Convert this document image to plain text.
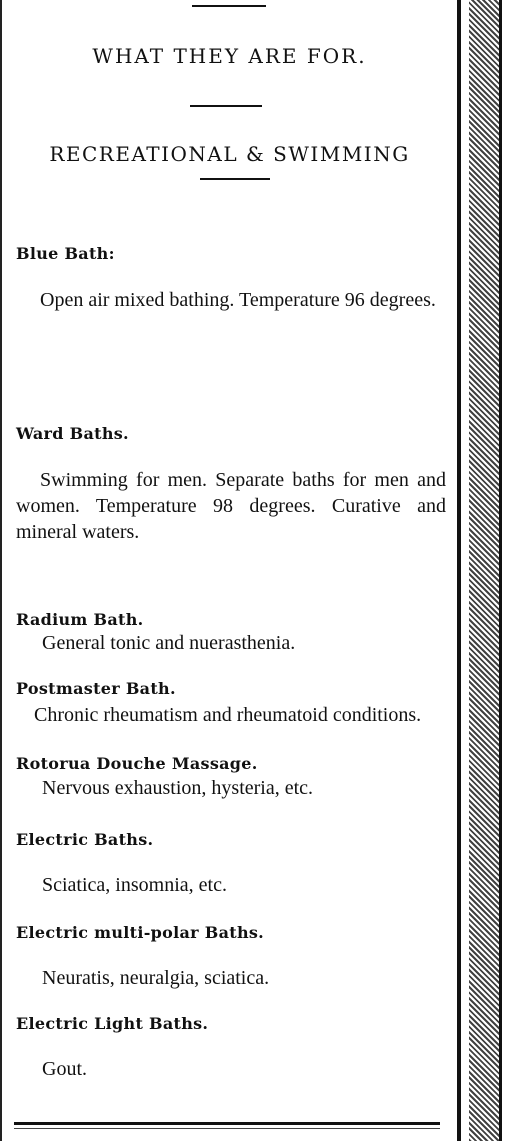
WHAT THEY ARE FOR.
RECREATIONAL & SWIMMING
Blue Bath:
Open air mixed bathing. Temperature 96 degrees.
Ward Baths.
Swimming for men. Separate baths for men and women. Temperature 98 degrees. Curative and mineral waters.
Radium Bath.
General tonic and nuerasthenia.
Postmaster Bath.
Chronic rheumatism and rheumatoid conditions.
Rotorua Douche Massage.
Nervous exhaustion, hysteria, etc.
Electric Baths.
Sciatica, insomnia, etc.
Electric multi-polar Baths.
Neuratis, neuralgia, sciatica.
Electric Light Baths.
Gout.
